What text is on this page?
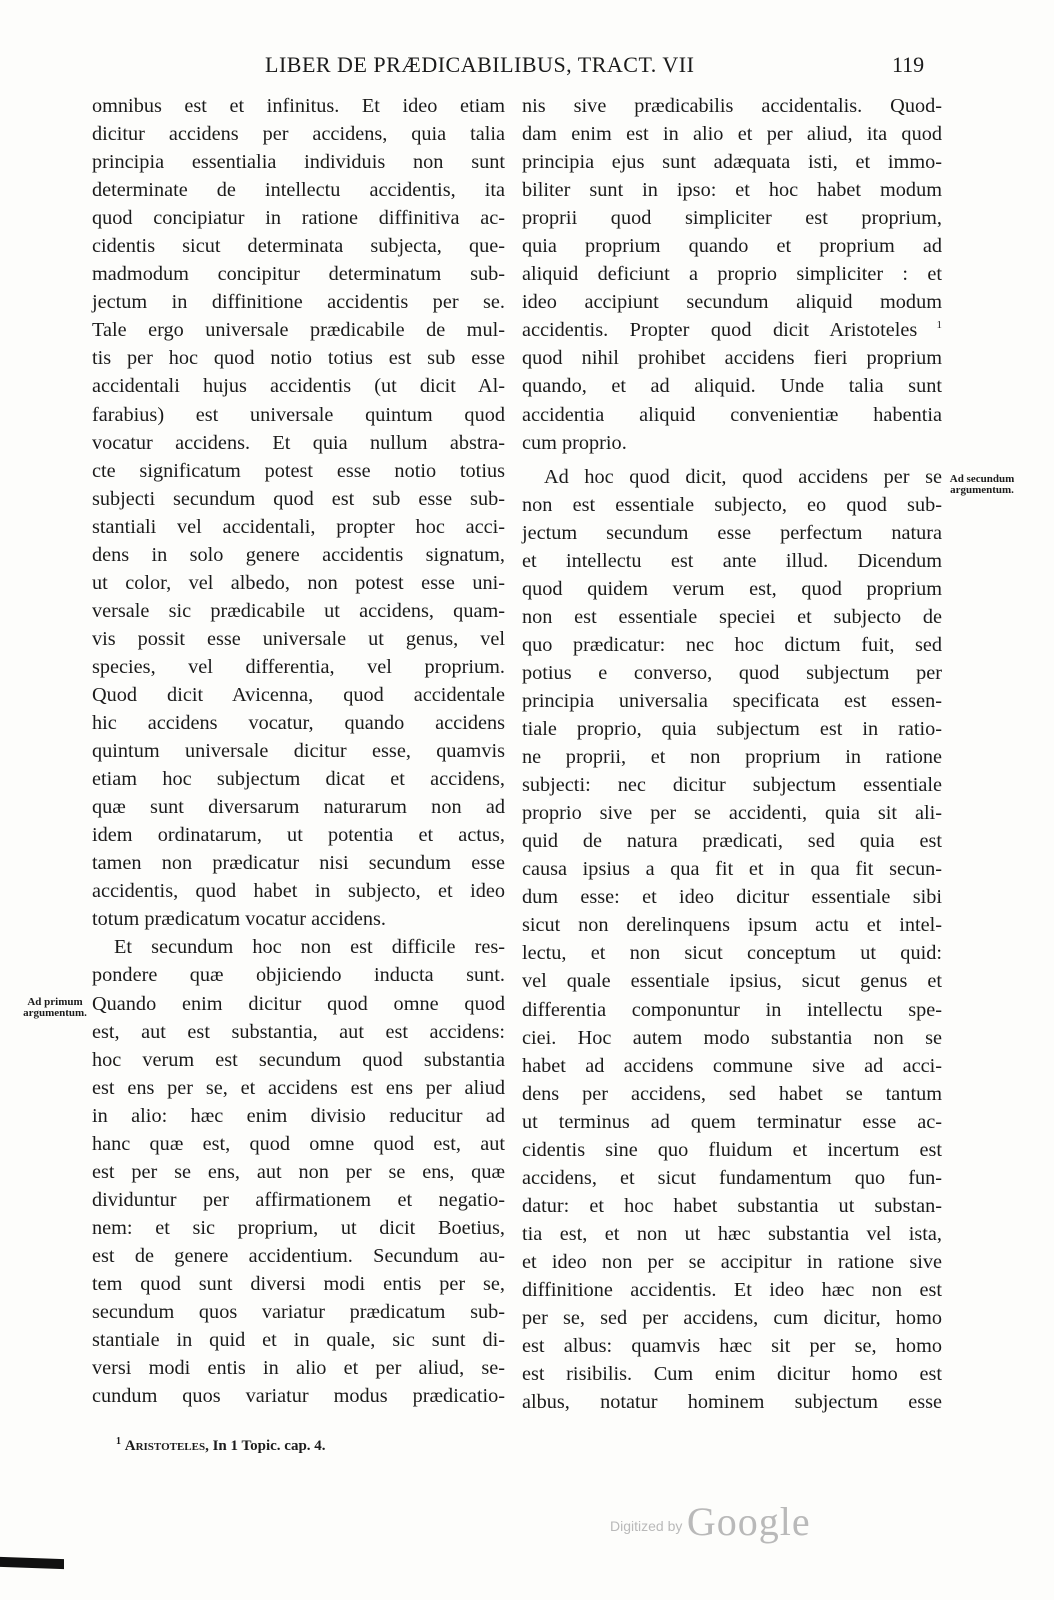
LIBER DE PRÆDICABILIBUS, TRACT. VII	119
omnibus est et infinitus. Et ideo etiam
dicitur accidens per accidens, quia talia
principia essentialia individuis non sunt
determinate de intellectu accidentis, ita
quod concipiatur in ratione diffinitiva ac-
cidentis sicut determinata subjecta, que-
madmodum concipitur determinatum sub-
jectum in diffinitione accidentis per se.
Tale ergo universale prædicabile de mul-
tis per hoc quod notio totius est sub esse
accidentali hujus accidentis (ut dicit Al-
farabius) est universale quintum quod
vocatur accidens. Et quia nullum abstra-
cte significatum potest esse notio totius
subjecti secundum quod est sub esse sub-
stantiali vel accidentali, propter hoc acci-
dens in solo genere accidentis signatum,
ut color, vel albedo, non potest esse uni-
versale sic prædicabile ut accidens, quam-
vis possit esse universale ut genus, vel
species, vel differentia, vel proprium.
Quod dicit Avicenna, quod accidentale
hic accidens vocatur, quando accidens
quintum universale dicitur esse, quamvis
etiam hoc subjectum dicat et accidens,
quæ sunt diversarum naturarum non ad
idem ordinatarum, ut potentia et actus,
tamen non prædicatur nisi secundum esse
accidentis, quod habet in subjecto, et ideo
totum prædicatum vocatur accidens.
Et secundum hoc non est difficile res-
pondere quæ objiciendo inducta sunt.
Quando enim dicitur quod omne quod
est, aut est substantia, aut est accidens:
hoc verum est secundum quod substantia
est ens per se, et accidens est ens per aliud
in alio: hæc enim divisio reducitur ad
hanc quæ est, quod omne quod est, aut
est per se ens, aut non per se ens, quæ
dividuntur per affirmationem et negatio-
nem: et sic proprium, ut dicit Boetius,
est de genere accidentium. Secundum au-
tem quod sunt diversi modi entis per se,
secundum quos variatur prædicatum sub-
stantiale in quid et in quale, sic sunt di-
versi modi entis in alio et per aliud, se-
cundum quos variatur modus prædicatio-
nis sive prædicabilis accidentalis. Quod-
dam enim est in alio et per aliud, ita quod
principia ejus sunt adæquata isti, et immo-
biliter sunt in ipso: et hoc habet modum
proprii quod simpliciter est proprium,
quia proprium quando et proprium ad
aliquid deficiunt a proprio simpliciter : et
ideo accipiunt secundum aliquid modum
accidentis. Propter quod dicit Aristoteles $^1$
quod nihil prohibet accidens fieri proprium
quando, et ad aliquid. Unde talia sunt
accidentia aliquid convenientiæ habentia
cum proprio.
Ad hoc quod dicit, quod accidens per se
non est essentiale subjecto, eo quod sub-
jectum secundum esse perfectum natura
et intellectu est ante illud. Dicendum
quod quidem verum est, quod proprium
non est essentiale speciei et subjecto de
quo prædicatur: nec hoc dictum fuit, sed
potius e converso, quod subjectum per
principia universalia specificata est essen-
tiale proprio, quia subjectum est in ratio-
ne proprii, et non proprium in ratione
subjecti: nec dicitur subjectum essentiale
proprio sive per se accidenti, quia sit ali-
quid de natura prædicati, sed quia est
causa ipsius a qua fit et in qua fit secun-
dum esse: et ideo dicitur essentiale sibi
sicut non derelinquens ipsum actu et intel-
lectu, et non sicut conceptum ut quid:
vel quale essentiale ipsius, sicut genus et
differentia componuntur in intellectu spe-
ciei. Hoc autem modo substantia non se
habet ad accidens commune sive ad acci-
dens per accidens, sed habet se tantum
ut terminus ad quem terminatur esse ac-
cidentis sine quo fluidum et incertum est
accidens, et sicut fundamentum quo fun-
datur: et hoc habet substantia ut substan-
tia est, et non ut hæc substantia vel ista,
et ideo non per se accipitur in ratione sive
diffinitione accidentis. Et ideo hæc non est
per se, sed per accidens, cum dicitur, homo
est albus: quamvis hæc sit per se, homo
est risibilis. Cum enim dicitur homo est
albus, notatur hominem subjectum esse
Ad primum argumentum.
Ad secundum argumentum.
$^1$ Aristoteles, In 1 Topic. cap. 4.
Digitized by Google
